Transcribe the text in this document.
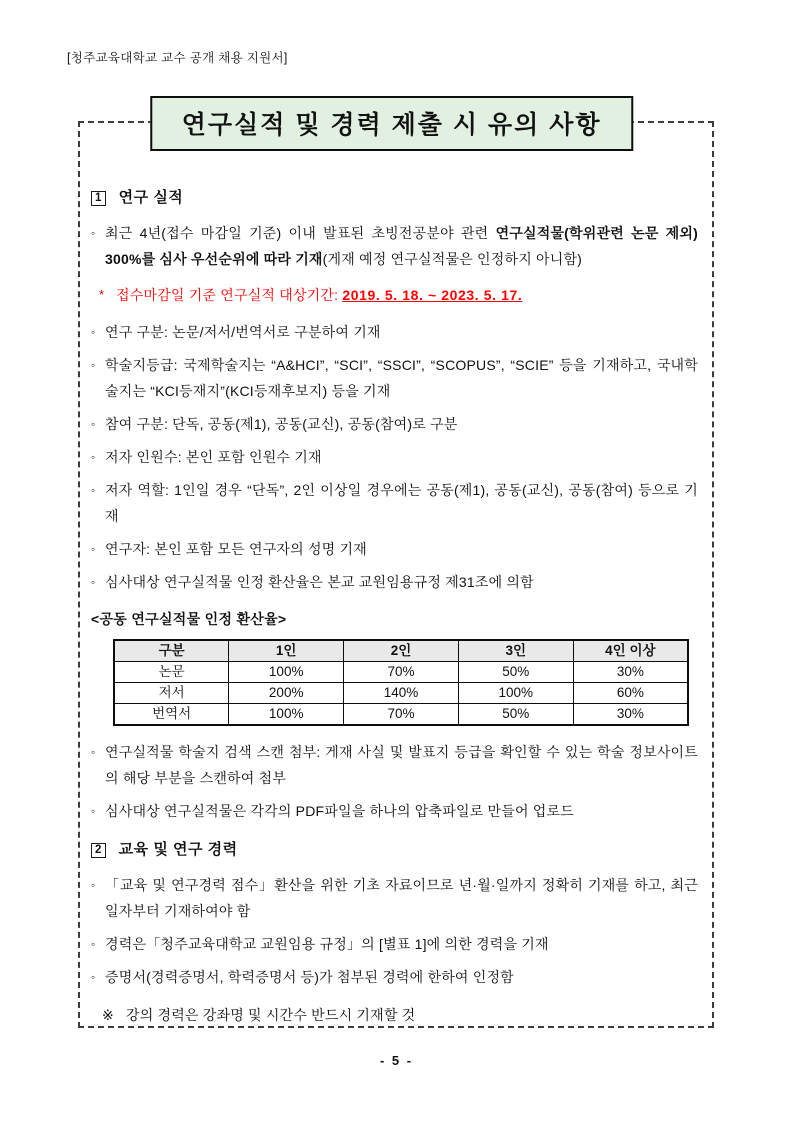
[청주교육대학교 교수 공개 채용 지원서]
연구실적 및 경력 제출 시 유의 사항
1 연구 실적
◦ 최근 4년(접수 마감일 기준) 이내 발표된 초빙전공분야 관련 연구실적물(학위관련 논문 제외) 300%를 심사 우선순위에 따라 기재(게재 예정 연구실적물은 인정하지 아니함)
* 접수마감일 기준 연구실적 대상기간: 2019. 5. 18. ~ 2023. 5. 17.
◦ 연구 구분: 논문/저서/번역서로 구분하여 기재
◦ 학술지등급: 국제학술지는 “A&HCI”, “SCI”, “SSCI”, “SCOPUS”, “SCIE” 등을 기재하고, 국내학술지는 “KCI등재지”(KCI등재후보지) 등을 기재
◦ 참여 구분: 단독, 공동(제1), 공동(교신), 공동(참여)로 구분
◦ 저자 인원수: 본인 포함 인원수 기재
◦ 저자 역할: 1인일 경우 “단독”, 2인 이상일 경우에는 공동(제1), 공동(교신), 공동(참여) 등으로 기재
◦ 연구자: 본인 포함 모든 연구자의 성명 기재
◦ 심사대상 연구실적물 인정 환산율은 본교 교원임용규정 제31조에 의함
<공동 연구실적물 인정 환산율>
구분	1인	2인	3인	4인 이상
논문	100%	70%	50%	30%
저서	200%	140%	100%	60%
번역서	100%	70%	50%	30%
◦ 연구실적물 학술지 검색 스캔 첨부: 게재 사실 및 발표지 등급을 확인할 수 있는 학술 정보사이트의 해당 부분을 스캔하여 첨부
◦ 심사대상 연구실적물은 각각의 PDF파일을 하나의 압축파일로 만들어 업로드
2 교육 및 연구 경력
◦ 「교육 및 연구경력 점수」환산을 위한 기초 자료이므로 년·월·일까지 정확히 기재를 하고, 최근 일자부터 기재하여야 함
◦ 경력은「청주교육대학교 교원임용 규정」의 [별표 1]에 의한 경력을 기재
◦ 증명서(경력증명서, 학력증명서 등)가 첨부된 경력에 한하여 인정함
※ 강의 경력은 강좌명 및 시간수 반드시 기재할 것
- 5 -
